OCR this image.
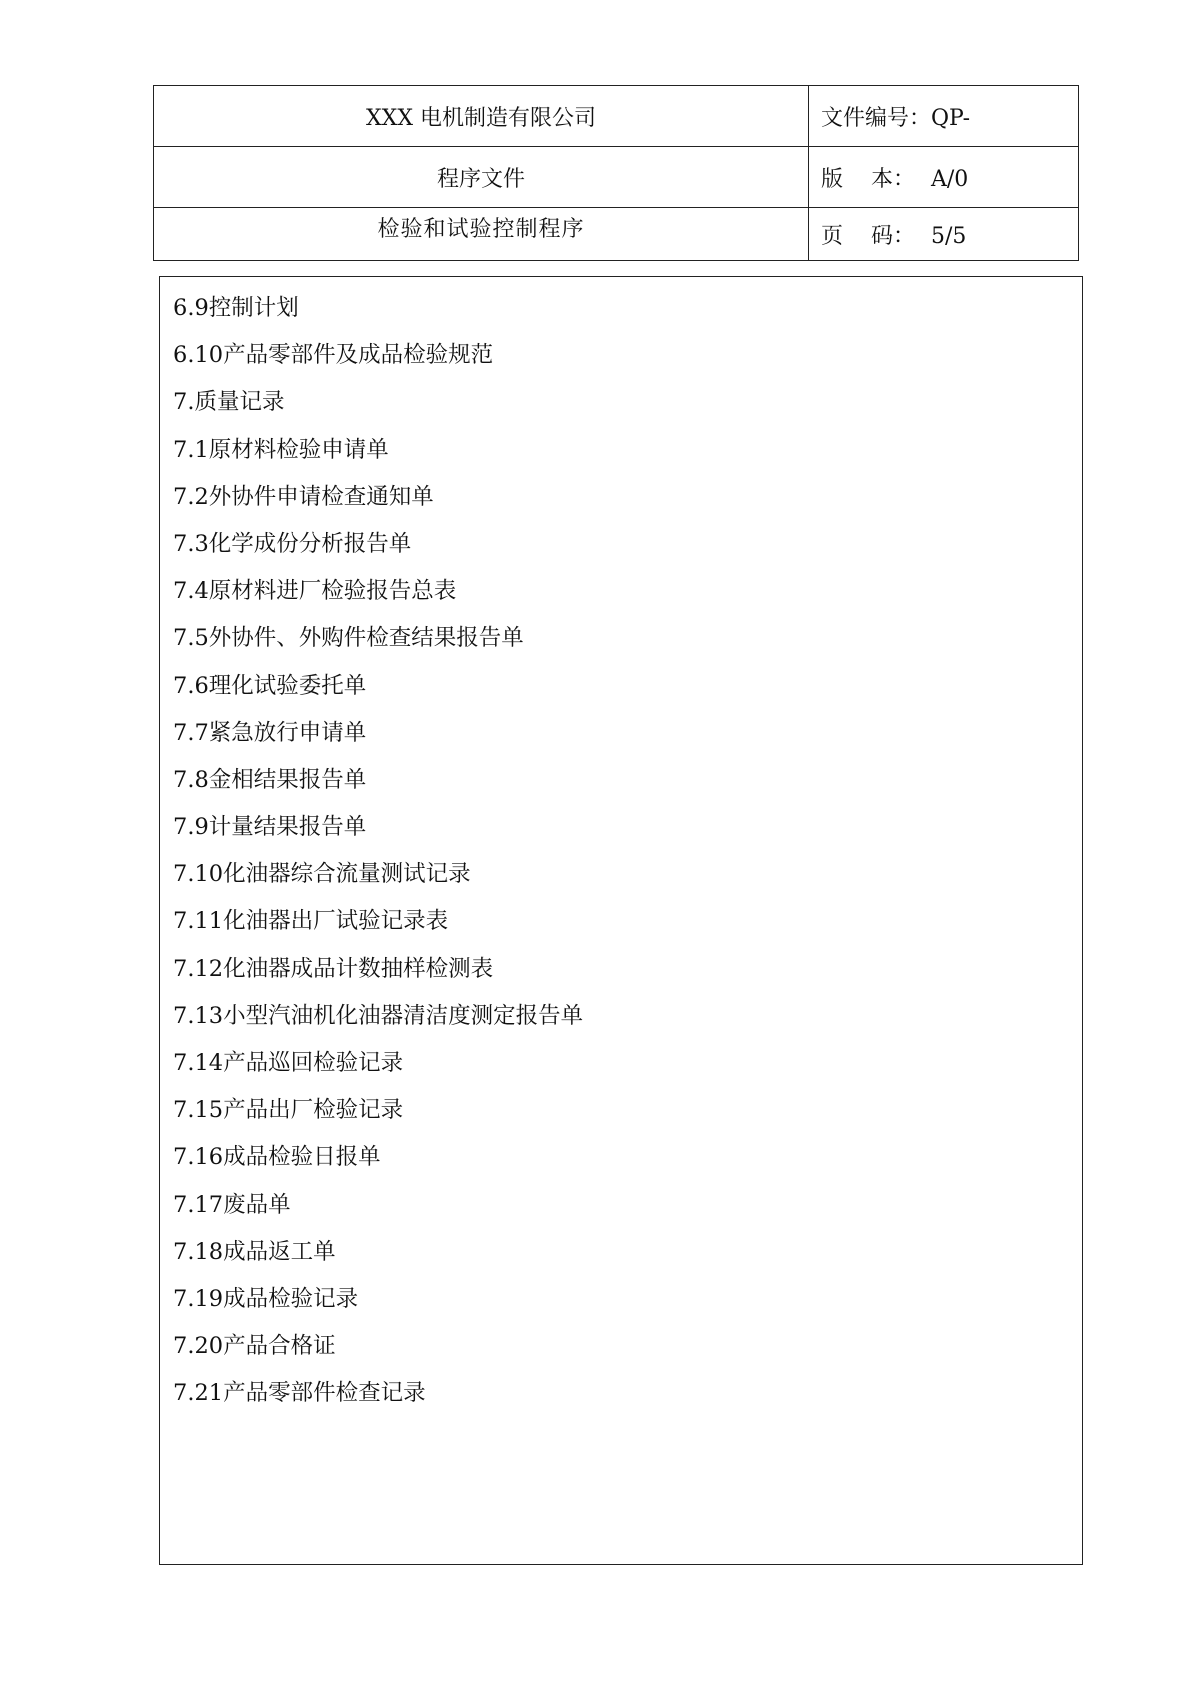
XXX 电机制造有限公司	文件编号：QP-
程序文件	版    本： A/0
检验和试验控制程序	页    码： 5/5
6.9控制计划
6.10产品零部件及成品检验规范
7.质量记录
7.1原材料检验申请单
7.2外协件申请检查通知单
7.3化学成份分析报告单
7.4原材料进厂检验报告总表
7.5外协件、外购件检查结果报告单
7.6理化试验委托单
7.7紧急放行申请单
7.8金相结果报告单
7.9计量结果报告单
7.10化油器综合流量测试记录
7.11化油器出厂试验记录表
7.12化油器成品计数抽样检测表
7.13小型汽油机化油器清洁度测定报告单
7.14产品巡回检验记录
7.15产品出厂检验记录
7.16成品检验日报单
7.17废品单
7.18成品返工单
7.19成品检验记录
7.20产品合格证
7.21产品零部件检查记录
